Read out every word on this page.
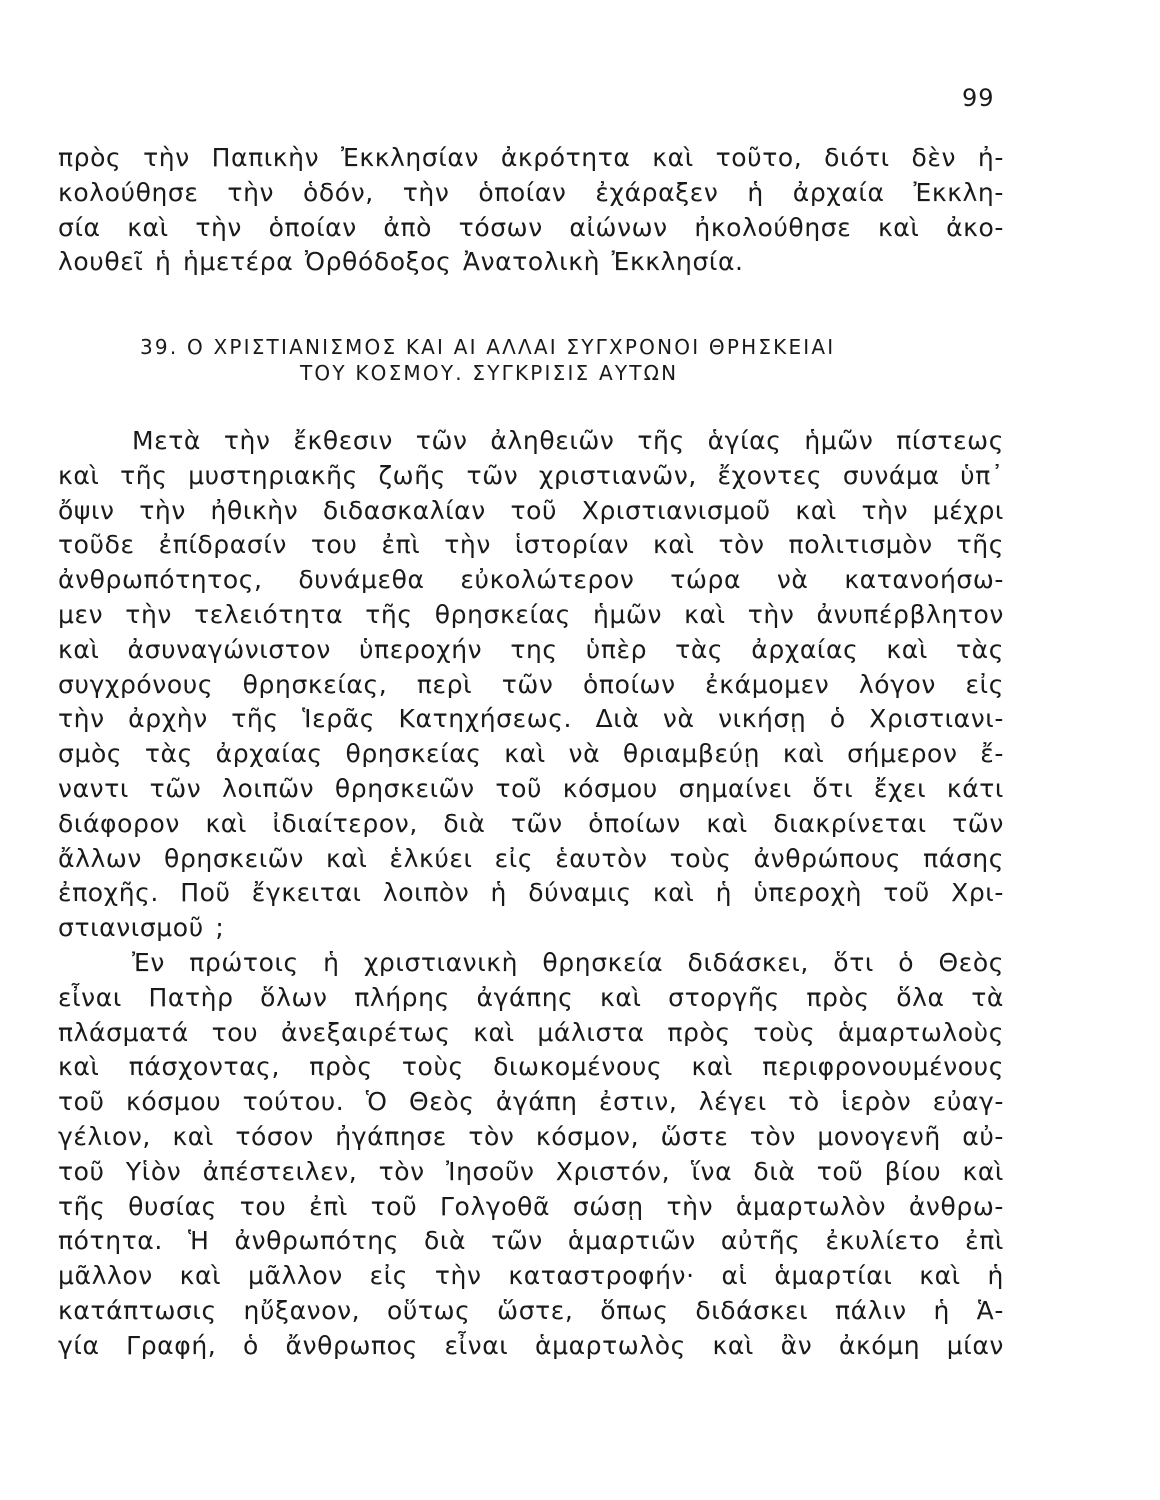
99
πρὸς τὴν Παπικὴν Ἐκκλησίαν ἀκρότητα καὶ τοῦτο, διότι δὲν ἠ-
κολούθησε τὴν ὁδόν, τὴν ὁποίαν ἐχάραξεν ἡ ἀρχαία Ἐκκλη-
σία καὶ τὴν ὁποίαν ἀπὸ τόσων αἰώνων ἠκολούθησε καὶ ἀκο-
λουθεῖ ἡ ἡμετέρα Ὀρθόδοξος Ἀνατολικὴ Ἐκκλησία.
39. Ο ΧΡΙΣΤΙΑΝΙΣΜΟΣ ΚΑΙ ΑΙ ΑΛΛΑΙ ΣΥΓΧΡΟΝΟΙ ΘΡΗΣΚΕΙΑΙ
ΤΟΥ ΚΟΣΜΟΥ. ΣΥΓΚΡΙΣΙΣ ΑΥΤΩΝ
Μετὰ τὴν ἔκθεσιν τῶν ἀληθειῶν τῆς ἁγίας ἡμῶν πίστεως
καὶ τῆς μυστηριακῆς ζωῆς τῶν χριστιανῶν, ἔχοντες συνάμα ὑπ᾽
ὄψιν τὴν ἠθικὴν διδασκαλίαν τοῦ Χριστιανισμοῦ καὶ τὴν μέχρι
τοῦδε ἐπίδρασίν του ἐπὶ τὴν ἱστορίαν καὶ τὸν πολιτισμὸν τῆς
ἀνθρωπότητος, δυνάμεθα εὐκολώτερον τώρα νὰ κατανοήσω-
μεν τὴν τελειότητα τῆς θρησκείας ἡμῶν καὶ τὴν ἀνυπέρβλητον
καὶ ἀσυναγώνιστον ὑπεροχήν της ὑπὲρ τὰς ἀρχαίας καὶ τὰς
συγχρόνους θρησκείας, περὶ τῶν ὁποίων ἐκάμομεν λόγον εἰς
τὴν ἀρχὴν τῆς Ἱερᾶς Κατηχήσεως. Διὰ νὰ νικήσῃ ὁ Χριστιανι-
σμὸς τὰς ἀρχαίας θρησκείας καὶ νὰ θριαμβεύῃ καὶ σήμερον ἔ-
ναντι τῶν λοιπῶν θρησκειῶν τοῦ κόσμου σημαίνει ὅτι ἔχει κάτι
διάφορον καὶ ἰδιαίτερον, διὰ τῶν ὁποίων καὶ διακρίνεται τῶν
ἄλλων θρησκειῶν καὶ ἑλκύει εἰς ἑαυτὸν τοὺς ἀνθρώπους πάσης
ἐποχῆς. Ποῦ ἔγκειται λοιπὸν ἡ δύναμις καὶ ἡ ὑπεροχὴ τοῦ Χρι-
στιανισμοῦ ;
Ἐν πρώτοις ἡ χριστιανικὴ θρησκεία διδάσκει, ὅτι ὁ Θεὸς
εἶναι Πατὴρ ὅλων πλήρης ἀγάπης καὶ στοργῆς πρὸς ὅλα τὰ
πλάσματά του ἀνεξαιρέτως καὶ μάλιστα πρὸς τοὺς ἁμαρτωλοὺς
καὶ πάσχοντας, πρὸς τοὺς διωκομένους καὶ περιφρονουμένους
τοῦ κόσμου τούτου. Ὁ Θεὸς ἀγάπη ἐστιν, λέγει τὸ ἱερὸν εὐαγ-
γέλιον, καὶ τόσον ἠγάπησε τὸν κόσμον, ὥστε τὸν μονογενῆ αὐ-
τοῦ Υἱὸν ἀπέστειλεν, τὸν Ἰησοῦν Χριστόν, ἵνα διὰ τοῦ βίου καὶ
τῆς θυσίας του ἐπὶ τοῦ Γολγοθᾶ σώσῃ τὴν ἁμαρτωλὸν ἀνθρω-
πότητα. Ἡ ἀνθρωπότης διὰ τῶν ἁμαρτιῶν αὐτῆς ἐκυλίετο ἐπὶ
μᾶλλον καὶ μᾶλλον εἰς τὴν καταστροφήν· αἱ ἁμαρτίαι καὶ ἡ
κατάπτωσις ηὔξανον, οὕτως ὥστε, ὅπως διδάσκει πάλιν ἡ Ἁ-
γία Γραφή, ὁ ἄνθρωπος εἶναι ἁμαρτωλὸς καὶ ἂν ἀκόμη μίαν
